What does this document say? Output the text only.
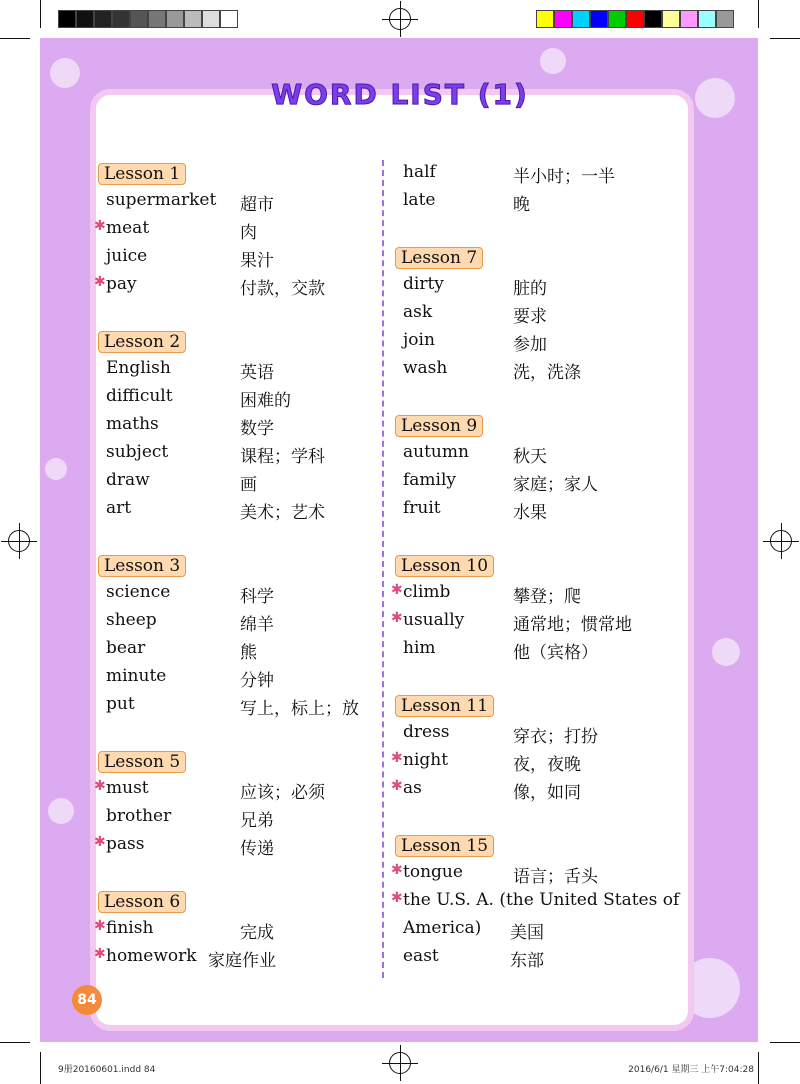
WORD LIST (1)
Lesson 1
supermarket 超市
✱ meat	肉
juice	果汁
✱ pay	付款，交款
Lesson 2
English	英语
difficult	困难的
maths	数学
subject	课程；学科
draw	画
art	美术；艺术
Lesson 3
science	科学
sheep	绵羊
bear	熊
minute	分钟
put	写上，标上；放
Lesson 5
✱ must	应该；必须
brother	兄弟
✱ pass	传递
Lesson 6
✱ finish	完成
✱ homework 家庭作业
half	半小时；一半
late	晚
Lesson 7
dirty	脏的
ask	要求
join	参加
wash	洗，洗涤
Lesson 9
autumn	秋天
family	家庭；家人
fruit	水果
Lesson 10
✱ climb	攀登；爬
✱ usually	通常地；惯常地
him	他（宾格）
Lesson 11
dress	穿衣；打扮
✱ night	夜，夜晚
✱ as	像，如同
Lesson 15
✱ tongue	语言；舌头
✱ the U.S. A. (the United States of
America) 美国
east	东部
84
9册20160601.indd 84	2016/6/1 星期三 上午7:04:28
